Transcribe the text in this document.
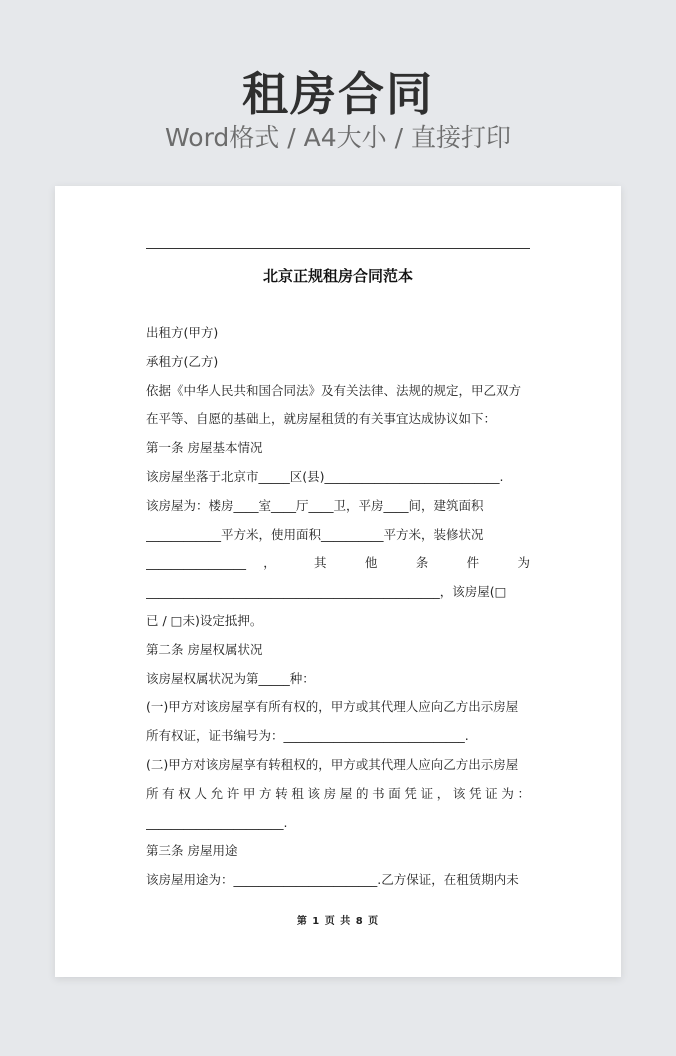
租房合同
Word格式 / A4大小 / 直接打印
北京正规租房合同范本
出租方(甲方)
承租方(乙方)
依据《中华人民共和国合同法》及有关法律、法规的规定，甲乙双方
在平等、自愿的基础上，就房屋租赁的有关事宜达成协议如下：
第一条 房屋基本情况
该房屋坐落于北京市_____区(县)____________________________.
该房屋为：楼房____室____厅____卫，平房____间，建筑面积
____________平方米，使用面积__________平方米，装修状况
________________， 其 他 条 件 为
_______________________________________________，该房屋(□
已 / □未)设定抵押。
第二条 房屋权属状况
该房屋权属状况为第_____种：
(一)甲方对该房屋享有所有权的，甲方或其代理人应向乙方出示房屋
所有权证，证书编号为：_____________________________.
(二)甲方对该房屋享有转租权的，甲方或其代理人应向乙方出示房屋
所有权人允许甲方转租该房屋的书面凭证，该凭证为：
______________________.
第三条 房屋用途
该房屋用途为：_______________________.乙方保证，在租赁期内未
第 1 页 共 8 页
